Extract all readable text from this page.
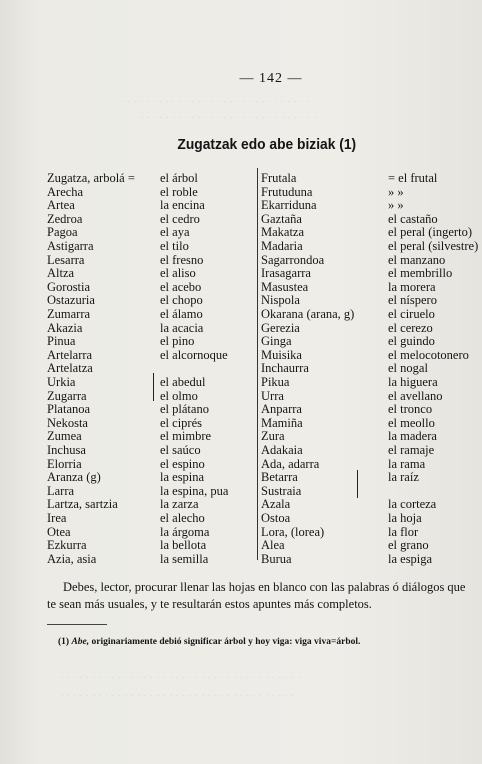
· · · · · · · · · · · · · · · · · · · · · · · · · · · · · ·
· · · · · · · · · · · · · · · · · · · · · · · · · · · ·
· · · · · · · · · · · · · · · · · · · · · · · · · · · · · · · · · · · · · ·
· · · · · · · · · · · · · · · · · · · · · · · · · · · · · · · · · · · · ·
— 142 —
Zugatzak edo abe biziak (1)
Zugatza, arbolá = el árbol
Arecha	el roble
Artea	la encina
Zedroa	el cedro
Pagoa	el aya
Astigarra	el tilo
Lesarra	el fresno
Altza	el aliso
Gorostia	el acebo
Ostazuria	el chopo
Zumarra	el álamo
Akazia	la acacia
Pinua	el pino
Artelarra	el alcornoque
Artelatza
Urkia	el abedul
Zugarra	el olmo
Platanoa	el plátano
Nekosta	el ciprés
Zumea	el mimbre
Inchusa	el saúco
Elorria	el espino
Aranza (g)	la espina
Larra	la espina, pua
Lartza, sartzia	la zarza
Irea	el alecho
Otea	la árgoma
Ezkurra	la bellota
Azia, asia	la semilla
Frutala	= el frutal
Frutuduna	» »
Ekarriduna	» »
Gaztaña	el castaño
Makatza	el peral (ingerto)
Madaria	el peral (silvestre)
Sagarrondoa	el manzano
Irasagarra	el membrillo
Masustea	la morera
Nispola	el níspero
Okarana (arana, g)	el ciruelo
Gerezia	el cerezo
Ginga	el guindo
Muisika	el melocotonero
Inchaurra	el nogal
Pikua	la higuera
Urra	el avellano
Anparra	el tronco
Mamiña	el meollo
Zura	la madera
Adakaia	el ramaje
Ada, adarra	la rama
Betarra	la raíz
Sustraia
Azala	la corteza
Ostoa	la hoja
Lora, (lorea)	la flor
Alea	el grano
Burua	la espiga
Debes, lector, procurar llenar las hojas en blanco con las palabras ó diálogos que te sean más usuales, y te resultarán estos apuntes más completos.
(1) Abe, originariamente debió significar árbol y hoy viga: viga viva=árbol.
